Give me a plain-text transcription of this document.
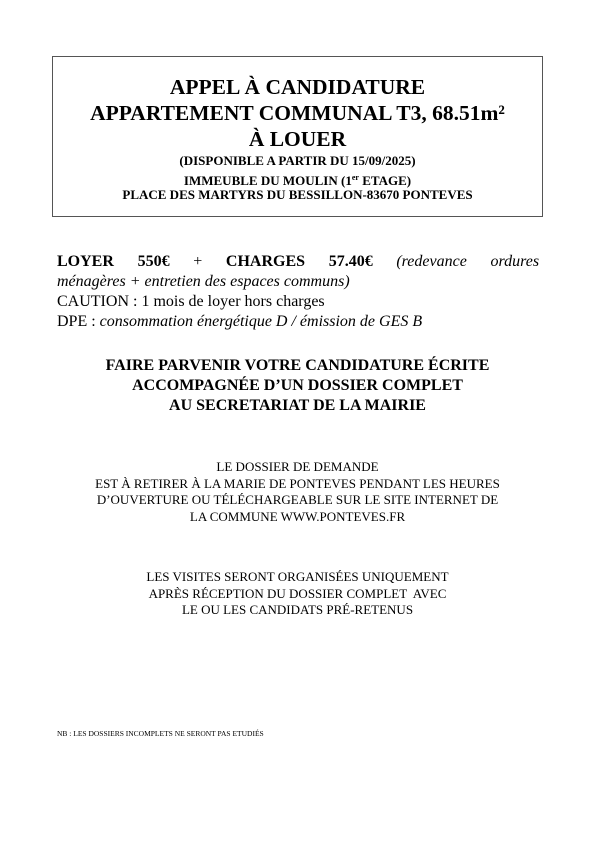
APPEL À CANDIDATURE
APPARTEMENT COMMUNAL T3, 68.51m²
À LOUER
(DISPONIBLE A PARTIR DU 15/09/2025)
IMMEUBLE DU MOULIN (1er ETAGE)
PLACE DES MARTYRS DU BESSILLON-83670 PONTEVES
LOYER 550€ + CHARGES 57.40€ (redevance ordures
ménagères + entretien des espaces communs)
CAUTION : 1 mois de loyer hors charges
DPE : consommation énergétique D / émission de GES B
FAIRE PARVENIR VOTRE CANDIDATURE ÉCRITE
ACCOMPAGNÉE D’UN DOSSIER COMPLET
AU SECRETARIAT DE LA MAIRIE
LE DOSSIER DE DEMANDE
EST À RETIRER À LA MARIE DE PONTEVES PENDANT LES HEURES
D’OUVERTURE OU TÉLÉCHARGEABLE SUR LE SITE INTERNET DE
LA COMMUNE WWW.PONTEVES.FR
LES VISITES SERONT ORGANISÉES UNIQUEMENT
APRÈS RÉCEPTION DU DOSSIER COMPLET  AVEC
LE OU LES CANDIDATS PRÉ-RETENUS
NB : LES DOSSIERS INCOMPLETS NE SERONT PAS ETUDIÉS
